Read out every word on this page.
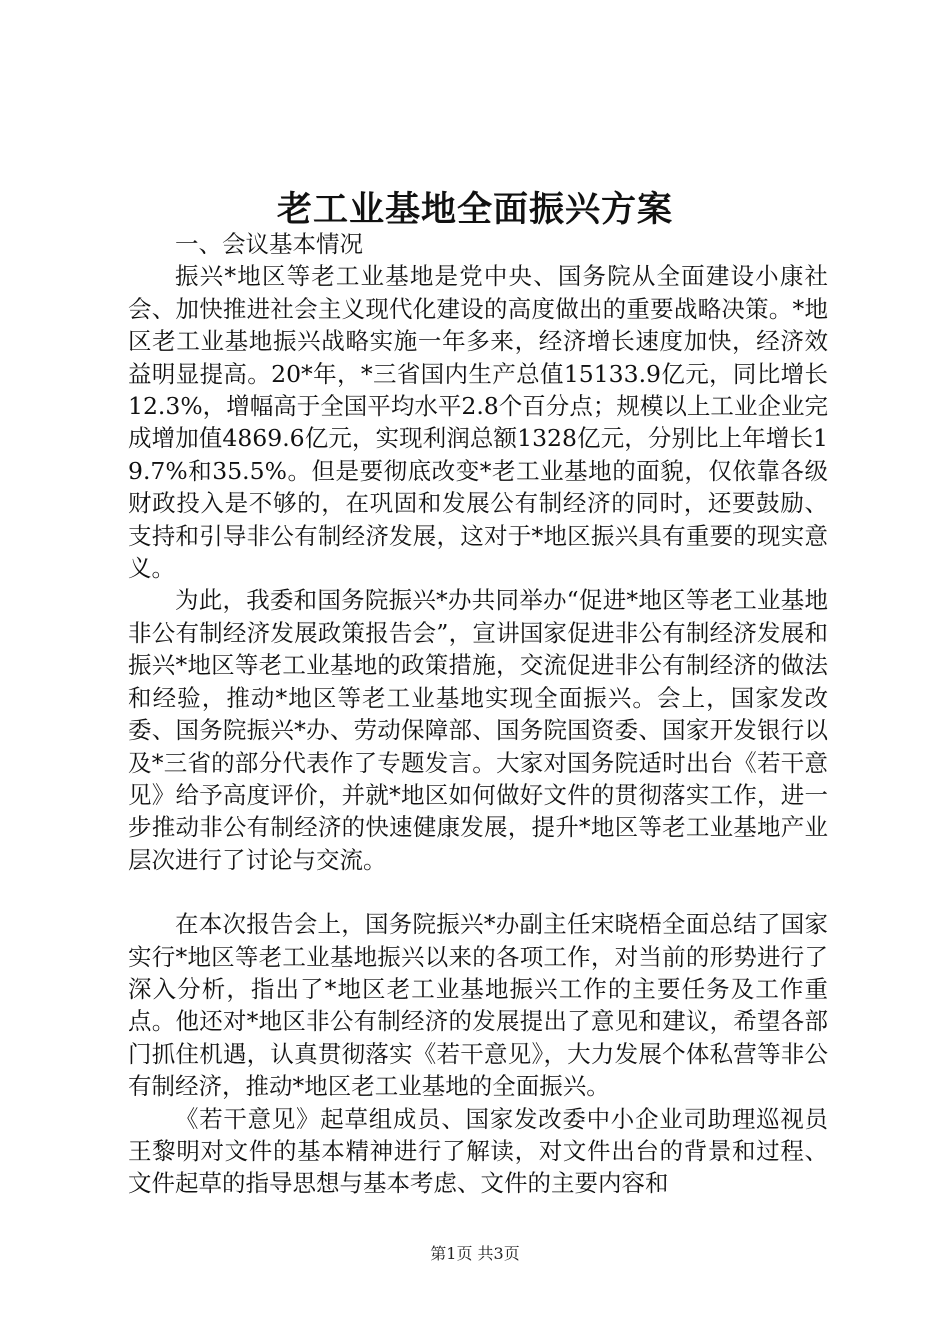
老工业基地全面振兴方案

一、会议基本情况

振兴*地区等老工业基地是党中央、国务院从全面建设小康社会、加快推进社会主义现代化建设的高度做出的重要战略决策。*地区老工业基地振兴战略实施一年多来，经济增长速度加快，经济效益明显提高。20*年，*三省国内生产总值15133.9亿元，同比增长12.3%，增幅高于全国平均水平2.8个百分点；规模以上工业企业完成增加值4869.6亿元，实现利润总额1328亿元，分别比上年增长19.7%和35.5%。但是要彻底改变*老工业基地的面貌，仅依靠各级财政投入是不够的，在巩固和发展公有制经济的同时，还要鼓励、支持和引导非公有制经济发展，这对于*地区振兴具有重要的现实意义。

为此，我委和国务院振兴*办共同举办“促进*地区等老工业基地非公有制经济发展政策报告会”，宣讲国家促进非公有制经济发展和振兴*地区等老工业基地的政策措施，交流促进非公有制经济的做法和经验，推动*地区等老工业基地实现全面振兴。会上，国家发改委、国务院振兴*办、劳动保障部、国务院国资委、国家开发银行以及*三省的部分代表作了专题发言。大家对国务院适时出台《若干意见》给予高度评价，并就*地区如何做好文件的贯彻落实工作，进一步推动非公有制经济的快速健康发展，提升*地区等老工业基地产业层次进行了讨论与交流。

在本次报告会上，国务院振兴*办副主任宋晓梧全面总结了国家实行*地区等老工业基地振兴以来的各项工作，对当前的形势进行了深入分析，指出了*地区老工业基地振兴工作的主要任务及工作重点。他还对*地区非公有制经济的发展提出了意见和建议，希望各部门抓住机遇，认真贯彻落实《若干意见》，大力发展个体私营等非公有制经济，推动*地区老工业基地的全面振兴。

《若干意见》起草组成员、国家发改委中小企业司助理巡视员王黎明对文件的基本精神进行了解读，对文件出台的背景和过程、文件起草的指导思想与基本考虑、文件的主要内容和

第1页 共3页
